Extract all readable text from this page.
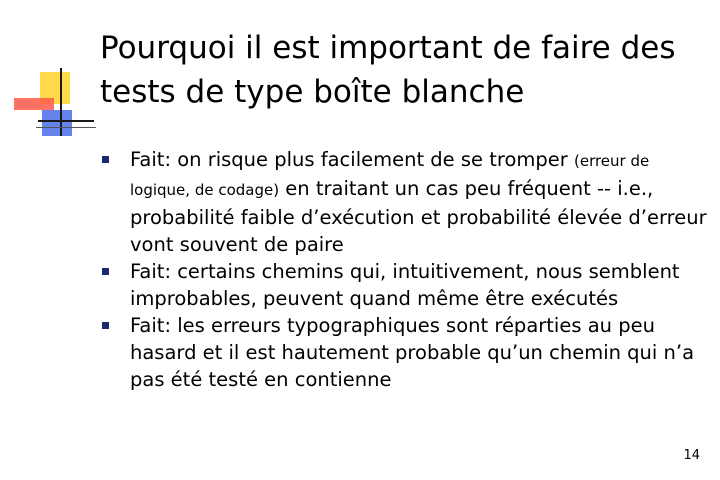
Pourquoi il est important de faire des tests de type boîte blanche
Fait: on risque plus facilement de se tromper (erreur de logique, de codage) en traitant un cas peu fréquent -- i.e., probabilité faible d’exécution et probabilité élevée d’erreur vont souvent de paire
Fait: certains chemins qui, intuitivement, nous semblent improbables, peuvent quand même être exécutés
Fait: les erreurs typographiques sont réparties au peu hasard et il est hautement probable qu’un chemin qui n’a pas été testé en contienne
14
